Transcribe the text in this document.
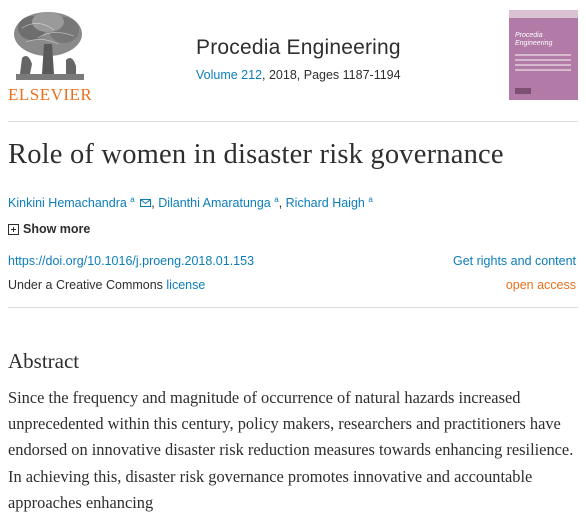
ELSEVIER
Procedia Engineering
Volume 212, 2018, Pages 1187-1194
Procedia Engineering
Role of women in disaster risk governance
Kinkini Hemachandra $^a$ , Dilanthi Amaratunga $^a$, Richard Haigh $^a$
Show more
https://doi.org/10.1016/j.proeng.2018.01.153	Get rights and content
Under a Creative Commons license	open access
Abstract

Since the frequency and magnitude of occurrence of natural hazards increased unprecedented within this century, policy makers, researchers and practitioners have endorsed on innovative disaster risk reduction measures towards enhancing resilience. In achieving this, disaster risk governance promotes innovative and accountable approaches enhancing
